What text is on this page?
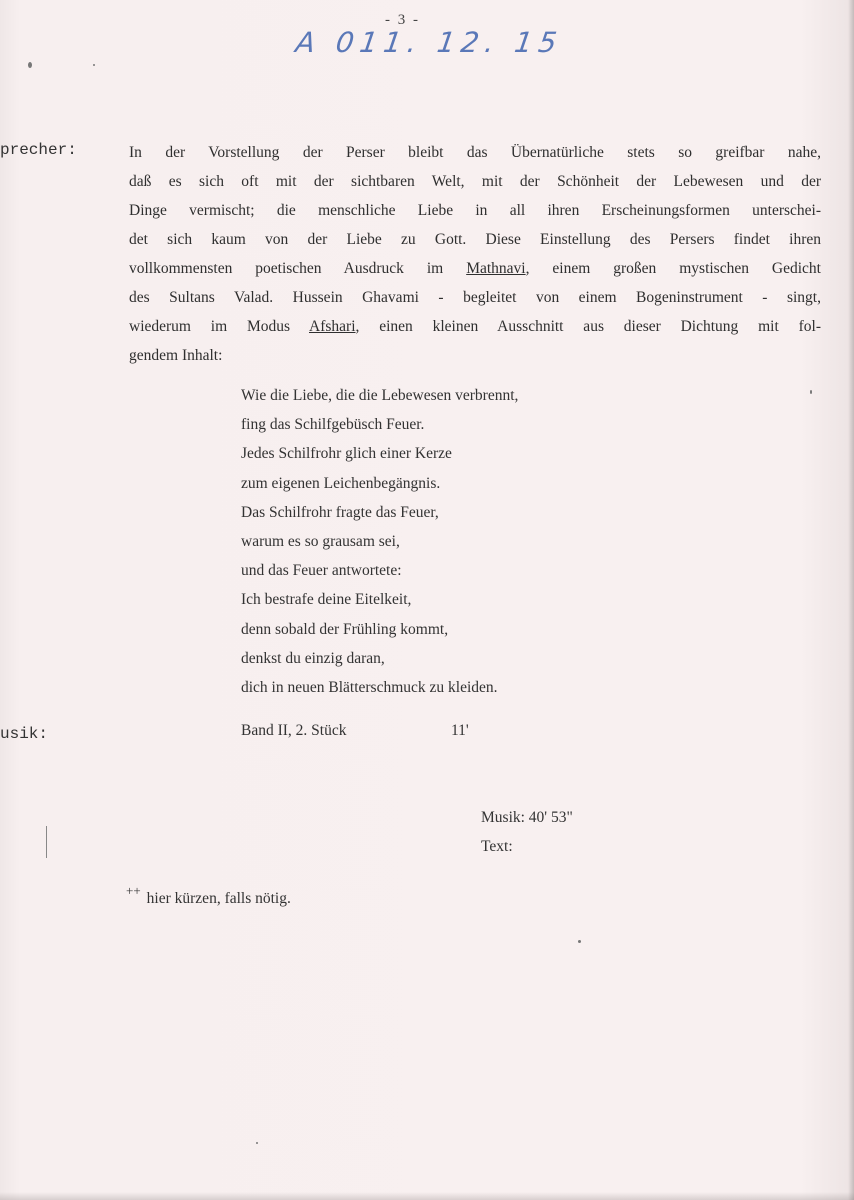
- 3 -
A 011. 12. 15
precher:	In der Vorstellung der Perser bleibt das Übernatürliche stets so greifbar nahe,
daß es sich oft mit der sichtbaren Welt, mit der Schönheit der Lebewesen und der
Dinge vermischt; die menschliche Liebe in all ihren Erscheinungsformen unterschei-
det sich kaum von der Liebe zu Gott. Diese Einstellung des Persers findet ihren
vollkommensten poetischen Ausdruck im Mathnavi, einem großen mystischen Gedicht
des Sultans Valad. Hussein Ghavami - begleitet von einem Bogeninstrument - singt,
wiederum im Modus Afshari, einen kleinen Ausschnitt aus dieser Dichtung mit fol-
gendem Inhalt:
Wie die Liebe, die die Lebewesen verbrennt,
fing das Schilfgebüsch Feuer.
Jedes Schilfrohr glich einer Kerze
zum eigenen Leichenbegängnis.
Das Schilfrohr fragte das Feuer,
warum es so grausam sei,
und das Feuer antwortete:
Ich bestrafe deine Eitelkeit,
denn sobald der Frühling kommt,
denkst du einzig daran,
dich in neuen Blätterschmuck zu kleiden.
usik:	Band II, 2. Stück	11'
Musik: 40' 53"
Text:
++ hier kürzen, falls nötig.
